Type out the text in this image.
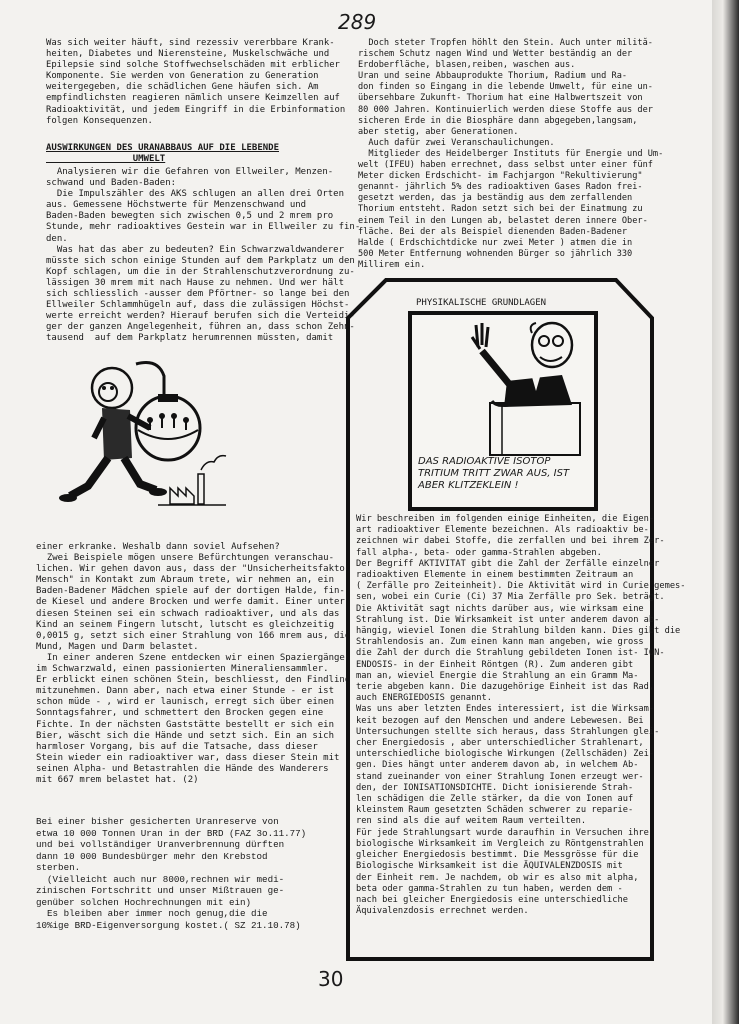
289
Was sich weiter häuft, sind rezessiv vererbbare Krank-
heiten, Diabetes und Nierensteine, Muskelschwäche und
Epilepsie sind solche Stoffwechselschäden mit erblicher
Komponente. Sie werden von Generation zu Generation
weitergegeben, die schädlichen Gene häufen sich. Am
empfindlichsten reagieren nämlich unsere Keimzellen auf
Radioaktivität, und jedem Eingriff in die Erbinformation
folgen Konsequenzen.
AUSWIRKUNGEN DES URANABBAUS AUF DIE LEBENDE
UMWELT
Analysieren wir die Gefahren von Ellweiler, Menzen-
schwand und Baden-Baden:
Die Impulszähler des AKS schlugen an allen drei Orten
aus. Gemessene Höchstwerte für Menzenschwand und
Baden-Baden bewegten sich zwischen 0,5 und 2 mrem pro
Stunde, mehr radioaktives Gestein war in Ellweiler zu fin-
den.
Was hat das aber zu bedeuten? Ein Schwarzwaldwanderer
müsste sich schon einige Stunden auf dem Parkplatz um den
Kopf schlagen, um die in der Strahlenschutzverordnung zu-
lässigen 30 mrem mit nach Hause zu nehmen. Und wer hält
sich schliesslich -ausser dem Pförtner- so lange bei den
Ellweiler Schlammhügeln auf, dass die zulässigen Höchst-
werte erreicht werden? Hierauf berufen sich die Verteidi-
ger der ganzen Angelegenheit, führen an, dass schon Zehn-
tausend  auf dem Parkplatz herumrennen müssten, damit
einer erkranke. Weshalb dann soviel Aufsehen?
Zwei Beispiele mögen unsere Befürchtungen veranschau-
lichen. Wir gehen davon aus, dass der "Unsicherheitsfaktor
Mensch" in Kontakt zum Abraum trete, wir nehmen an, ein
Baden-Badener Mädchen spiele auf der dortigen Halde, fin-
de Kiesel und andere Brocken und werfe damit. Einer unter
diesen Steinen sei ein schwach radioaktiver, und als das
Kind an seinem Fingern lutscht, lutscht es gleichzeitig
0,0015 g, setzt sich einer Strahlung von 166 mrem aus, die
Mund, Magen und Darm belastet.
In einer anderen Szene entdecken wir einen Spaziergänger
im Schwarzwald, einen passionierten Mineraliensammler.
Er erblickt einen schönen Stein, beschliesst, den Findling
mitzunehmen. Dann aber, nach etwa einer Stunde - er ist
schon müde - , wird er launisch, erregt sich über einen
Sonntagsfahrer, und schmettert den Brocken gegen eine
Fichte. In der nächsten Gaststätte bestellt er sich ein
Bier, wäscht sich die Hände und setzt sich. Ein an sich
harmloser Vorgang, bis auf die Tatsache, dass dieser
Stein wieder ein radioaktiver war, dass dieser Stein mit
seinen Alpha- und Betastrahlen die Hände des Wanderers
mit 667 mrem belastet hat. (2)
Bei einer bisher gesicherten Uranreserve von
etwa 10 000 Tonnen Uran in der BRD (FAZ 3o.11.77)
und bei vollständiger Uranverbrennung dürften
dann 10 000 Bundesbürger mehr den Krebstod
sterben.
(Vielleicht auch nur 8000,rechnen wir medi-
zinischen Fortschritt und unser Mißtrauen ge-
genüber solchen Hochrechnungen mit ein)
Es bleiben aber immer noch genug,die die
10%ige BRD-Eigenversorgung kostet.( SZ 21.10.78)
Doch steter Tropfen höhlt den Stein. Auch unter milită-
rischem Schutz nagen Wind und Wetter beständig an der
Erdoberfläche, blasen,reiben, waschen aus.
Uran und seine Abbauprodukte Thorium, Radium und Ra-
don finden so Eingang in die lebende Umwelt, für eine un-
übersehbare Zukunft- Thorium hat eine Halbwertszeit von
80 000 Jahren. Kontinuierlich werden diese Stoffe aus der
sicheren Erde in die Biosphäre dann abgegeben,langsam,
aber stetig, aber Generationen.
Auch dafür zwei Veranschaulichungen.
Mitglieder des Heidelberger Instituts für Energie und Um-
welt (IFEU) haben errechnet, dass selbst unter einer fünf
Meter dicken Erdschicht- im Fachjargon "Rekultivierung"
genannt- jährlich 5% des radioaktiven Gases Radon frei-
gesetzt werden, das ja beständig aus dem zerfallenden
Thorium entsteht. Radon setzt sich bei der Einatmung zu
einem Teil in den Lungen ab, belastet deren innere Ober-
fläche. Bei der als Beispiel dienenden Baden-Badener
Halde ( Erdschichtdicke nur zwei Meter ) atmen die in
500 Meter Entfernung wohnenden Bürger so jährlich 330
Millirem ein.
PHYSIKALISCHE GRUNDLAGEN
DAS RADIOAKTIVE ISOTOP
TRITIUM TRITT ZWAR AUS, IST
ABER KLITZEKLEIN !
Wir beschreiben im folgenden einige Einheiten, die Eigen-
art radioaktiver Elemente bezeichnen. Als radioaktiv be-
zeichnen wir dabei Stoffe, die zerfallen und bei ihrem Zer-
fall alpha-, beta- oder gamma-Strahlen abgeben.
Der Begriff AKTIVITAT gibt die Zahl der Zerfälle einzelner
radioaktiven Elemente in einem bestimmten Zeitraum an
( Zerfälle pro Zeiteinheit). Die Aktivität wird in Curie gemes-
sen, wobei ein Curie (Ci) 37 Mia Zerfälle pro Sek. beträgt.
Die Aktivität sagt nichts darüber aus, wie wirksam eine
Strahlung ist. Die Wirksamkeit ist unter anderem davon ab-
hängig, wieviel Ionen die Strahlung bilden kann. Dies gibt die
Strahlendosis an. Zum einen kann man angeben, wie gross
die Zahl der durch die Strahlung gebildeten Ionen ist- ION-
ENDOSIS- in der Einheit Röntgen (R). Zum anderen gibt
man an, wieviel Energie die Strahlung an ein Gramm Ma-
terie abgeben kann. Die dazugehörige Einheit ist das Rad,
auch ENERGIEDOSIS genannt.
Was uns aber letzten Endes interessiert, ist die Wirksam-
keit bezogen auf den Menschen und andere Lebewesen. Bei
Untersuchungen stellte sich heraus, dass Strahlungen glei-
cher Energiedosis , aber unterschiedlicher Strahlenart,
unterschiedliche biologische Wirkungen (Zellschäden) Zei-
gen. Dies hängt unter anderem davon ab, in welchem Ab-
stand zueinander von einer Strahlung Ionen erzeugt wer-
den, der IONISATIONSDICHTE. Dicht ionisierende Strah-
len schädigen die Zelle stärker, da die von Ionen auf
kleinstem Raum gesetzten Schäden schwerer zu reparie-
ren sind als die auf weitem Raum verteilten.
Für jede Strahlungsart wurde daraufhin in Versuchen ihre
biologische Wirksamkeit im Vergleich zu Röntgenstrahlen
gleicher Energiedosis bestimmt. Die Messgrösse für die
Biologische Wirksamkeit ist die ÄQUIVALENZDOSIS mit
der Einheit rem. Je nachdem, ob wir es also mit alpha,
beta oder gamma-Strahlen zu tun haben, werden dem -
nach bei gleicher Energiedosis eine unterschiedliche
Äquivalenzdosis errechnet werden.
30
